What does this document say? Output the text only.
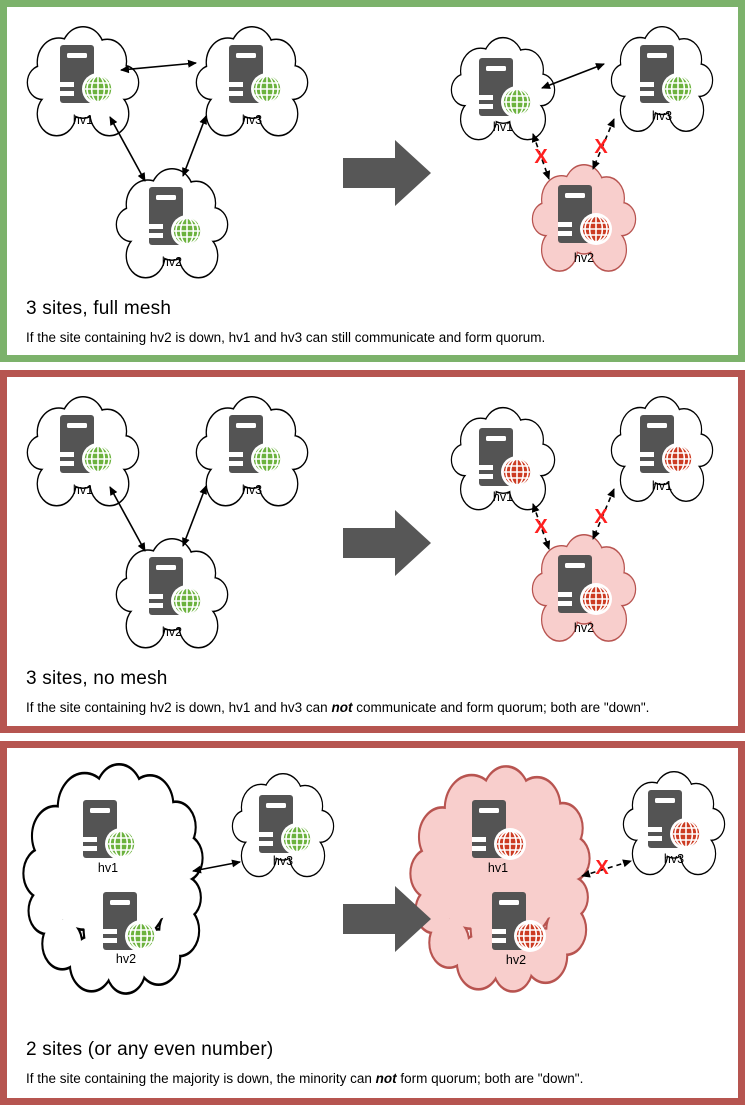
hv1	hv3
hv2
hv1
hv3
hv2
X X
3 sites, full mesh

If the site containing hv2 is down, hv1 and hv3 can still communicate and form quorum.

hv1	hv3
hv2
hv1
hv1
hv2
X X
3 sites, no mesh

If the site containing hv2 is down, hv1 and hv3 can not communicate and form quorum; both are "down".

hv1
hv2
hv3	hv1
hv2
hv3
X
2 sites (or any even number)

If the site containing the majority is down, the minority can not form quorum; both are "down".
